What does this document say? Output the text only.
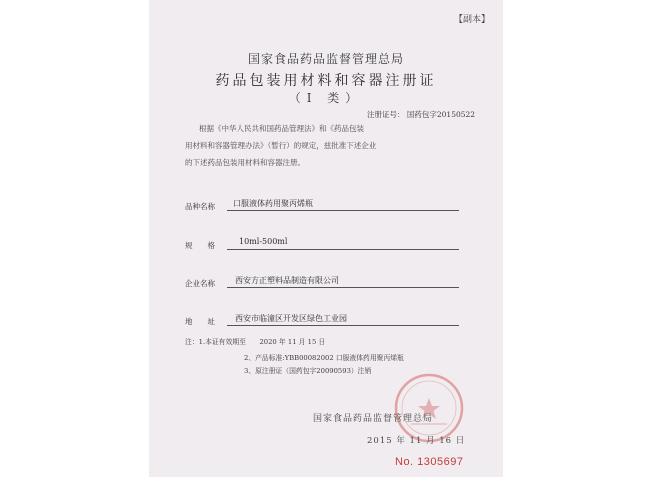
【副本】
国家食品药品监督管理总局
药品包装用材料和容器注册证
（Ⅰ 类）
注册证号： 国药包字20150522
根据《中华人民共和国药品管理法》和《药品包装
用材料和容器管理办法》（暂行）的规定，兹批准下述企业
的下述药品包装用材料和容器注册。
品种名称 口服液体药用聚丙烯瓶
规　　格	10ml-500ml
企业名称	西安方正塑料品制造有限公司
地　　址	西安市临潼区开发区绿色工业园
注：1.本证有效期至　　2020 年 11 月 15 日
2、产品标准:YBB00082002 口服液体药用聚丙烯瓶
3、原注册证（国药包字20090593）注销
国家食品药品监督管理总局
2015 年 11 月 16 日
No. 1305697
